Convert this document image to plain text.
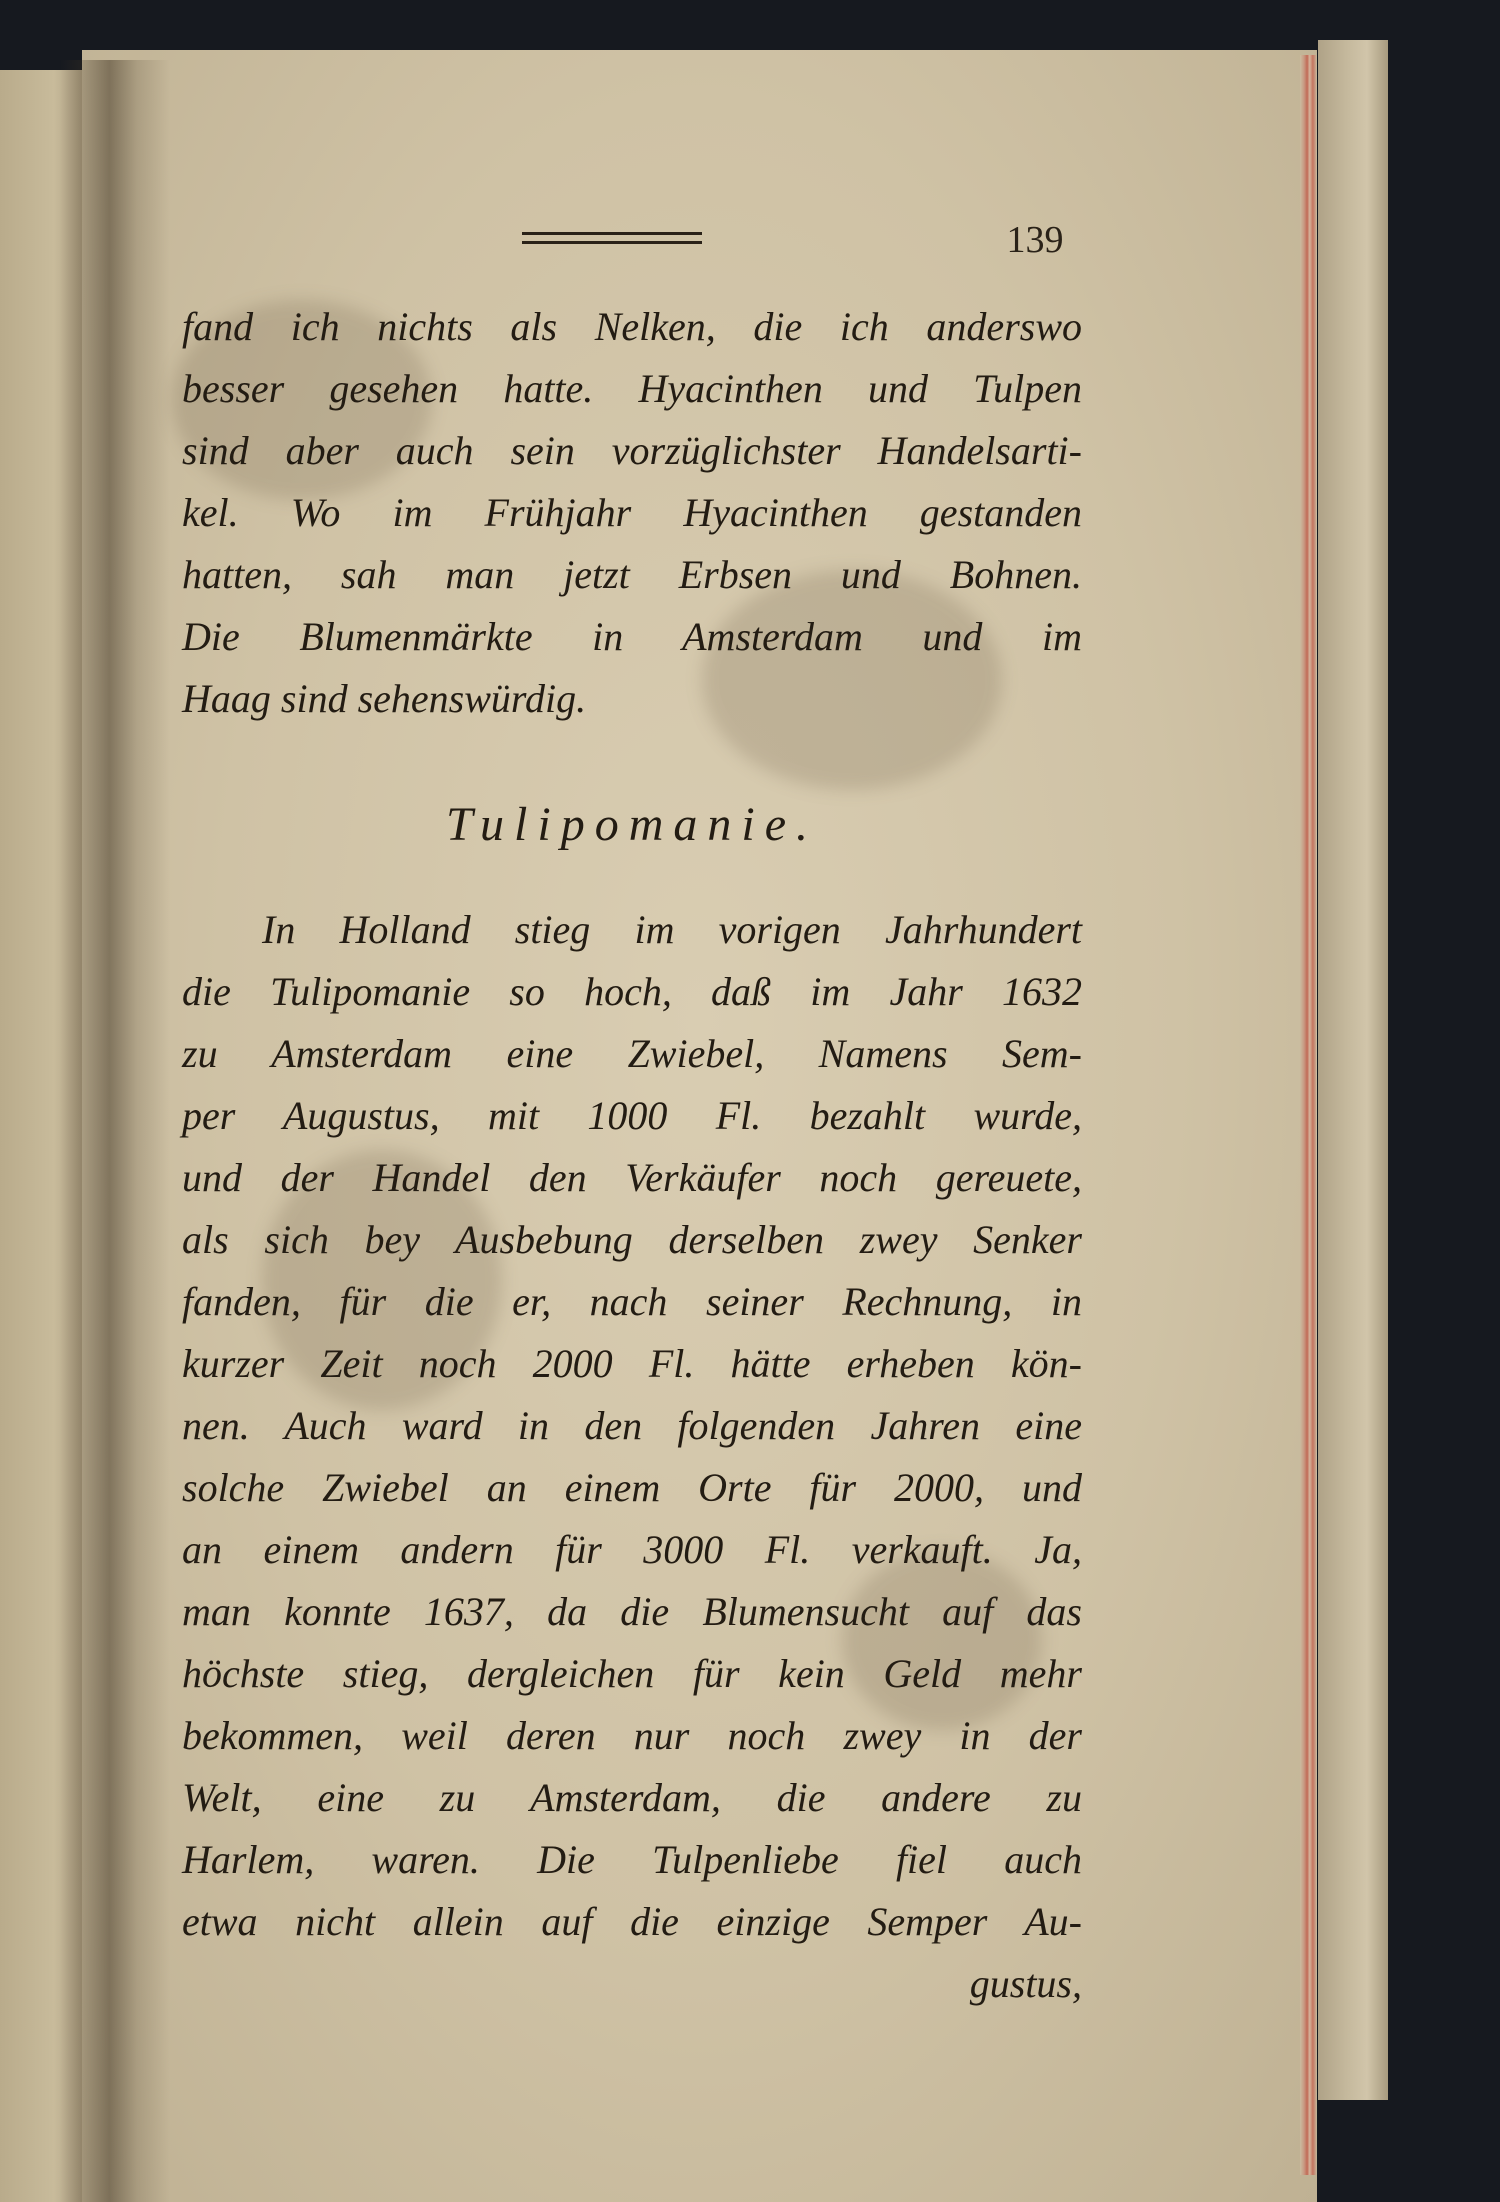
139
fand ich nichts als Nelken, die ich anderswo
besser gesehen hatte. Hyacinthen und Tulpen
sind aber auch sein vorzüglichster Handelsarti-
kel. Wo im Frühjahr Hyacinthen gestanden
hatten, sah man jetzt Erbsen und Bohnen.
Die Blumenmärkte in Amsterdam und im
Haag sind sehenswürdig.
Tulipomanie.
In Holland stieg im vorigen Jahrhundert
die Tulipomanie so hoch, daß im Jahr 1632
zu Amsterdam eine Zwiebel, Namens Sem-
per Augustus, mit 1000 Fl. bezahlt wurde,
und der Handel den Verkäufer noch gereuete,
als sich bey Ausbebung derselben zwey Senker
fanden, für die er, nach seiner Rechnung, in
kurzer Zeit noch 2000 Fl. hätte erheben kön-
nen. Auch ward in den folgenden Jahren eine
solche Zwiebel an einem Orte für 2000, und
an einem andern für 3000 Fl. verkauft. Ja,
man konnte 1637, da die Blumensucht auf das
höchste stieg, dergleichen für kein Geld mehr
bekommen, weil deren nur noch zwey in der
Welt, eine zu Amsterdam, die andere zu
Harlem, waren. Die Tulpenliebe fiel auch
etwa nicht allein auf die einzige Semper Au-
gustus,
